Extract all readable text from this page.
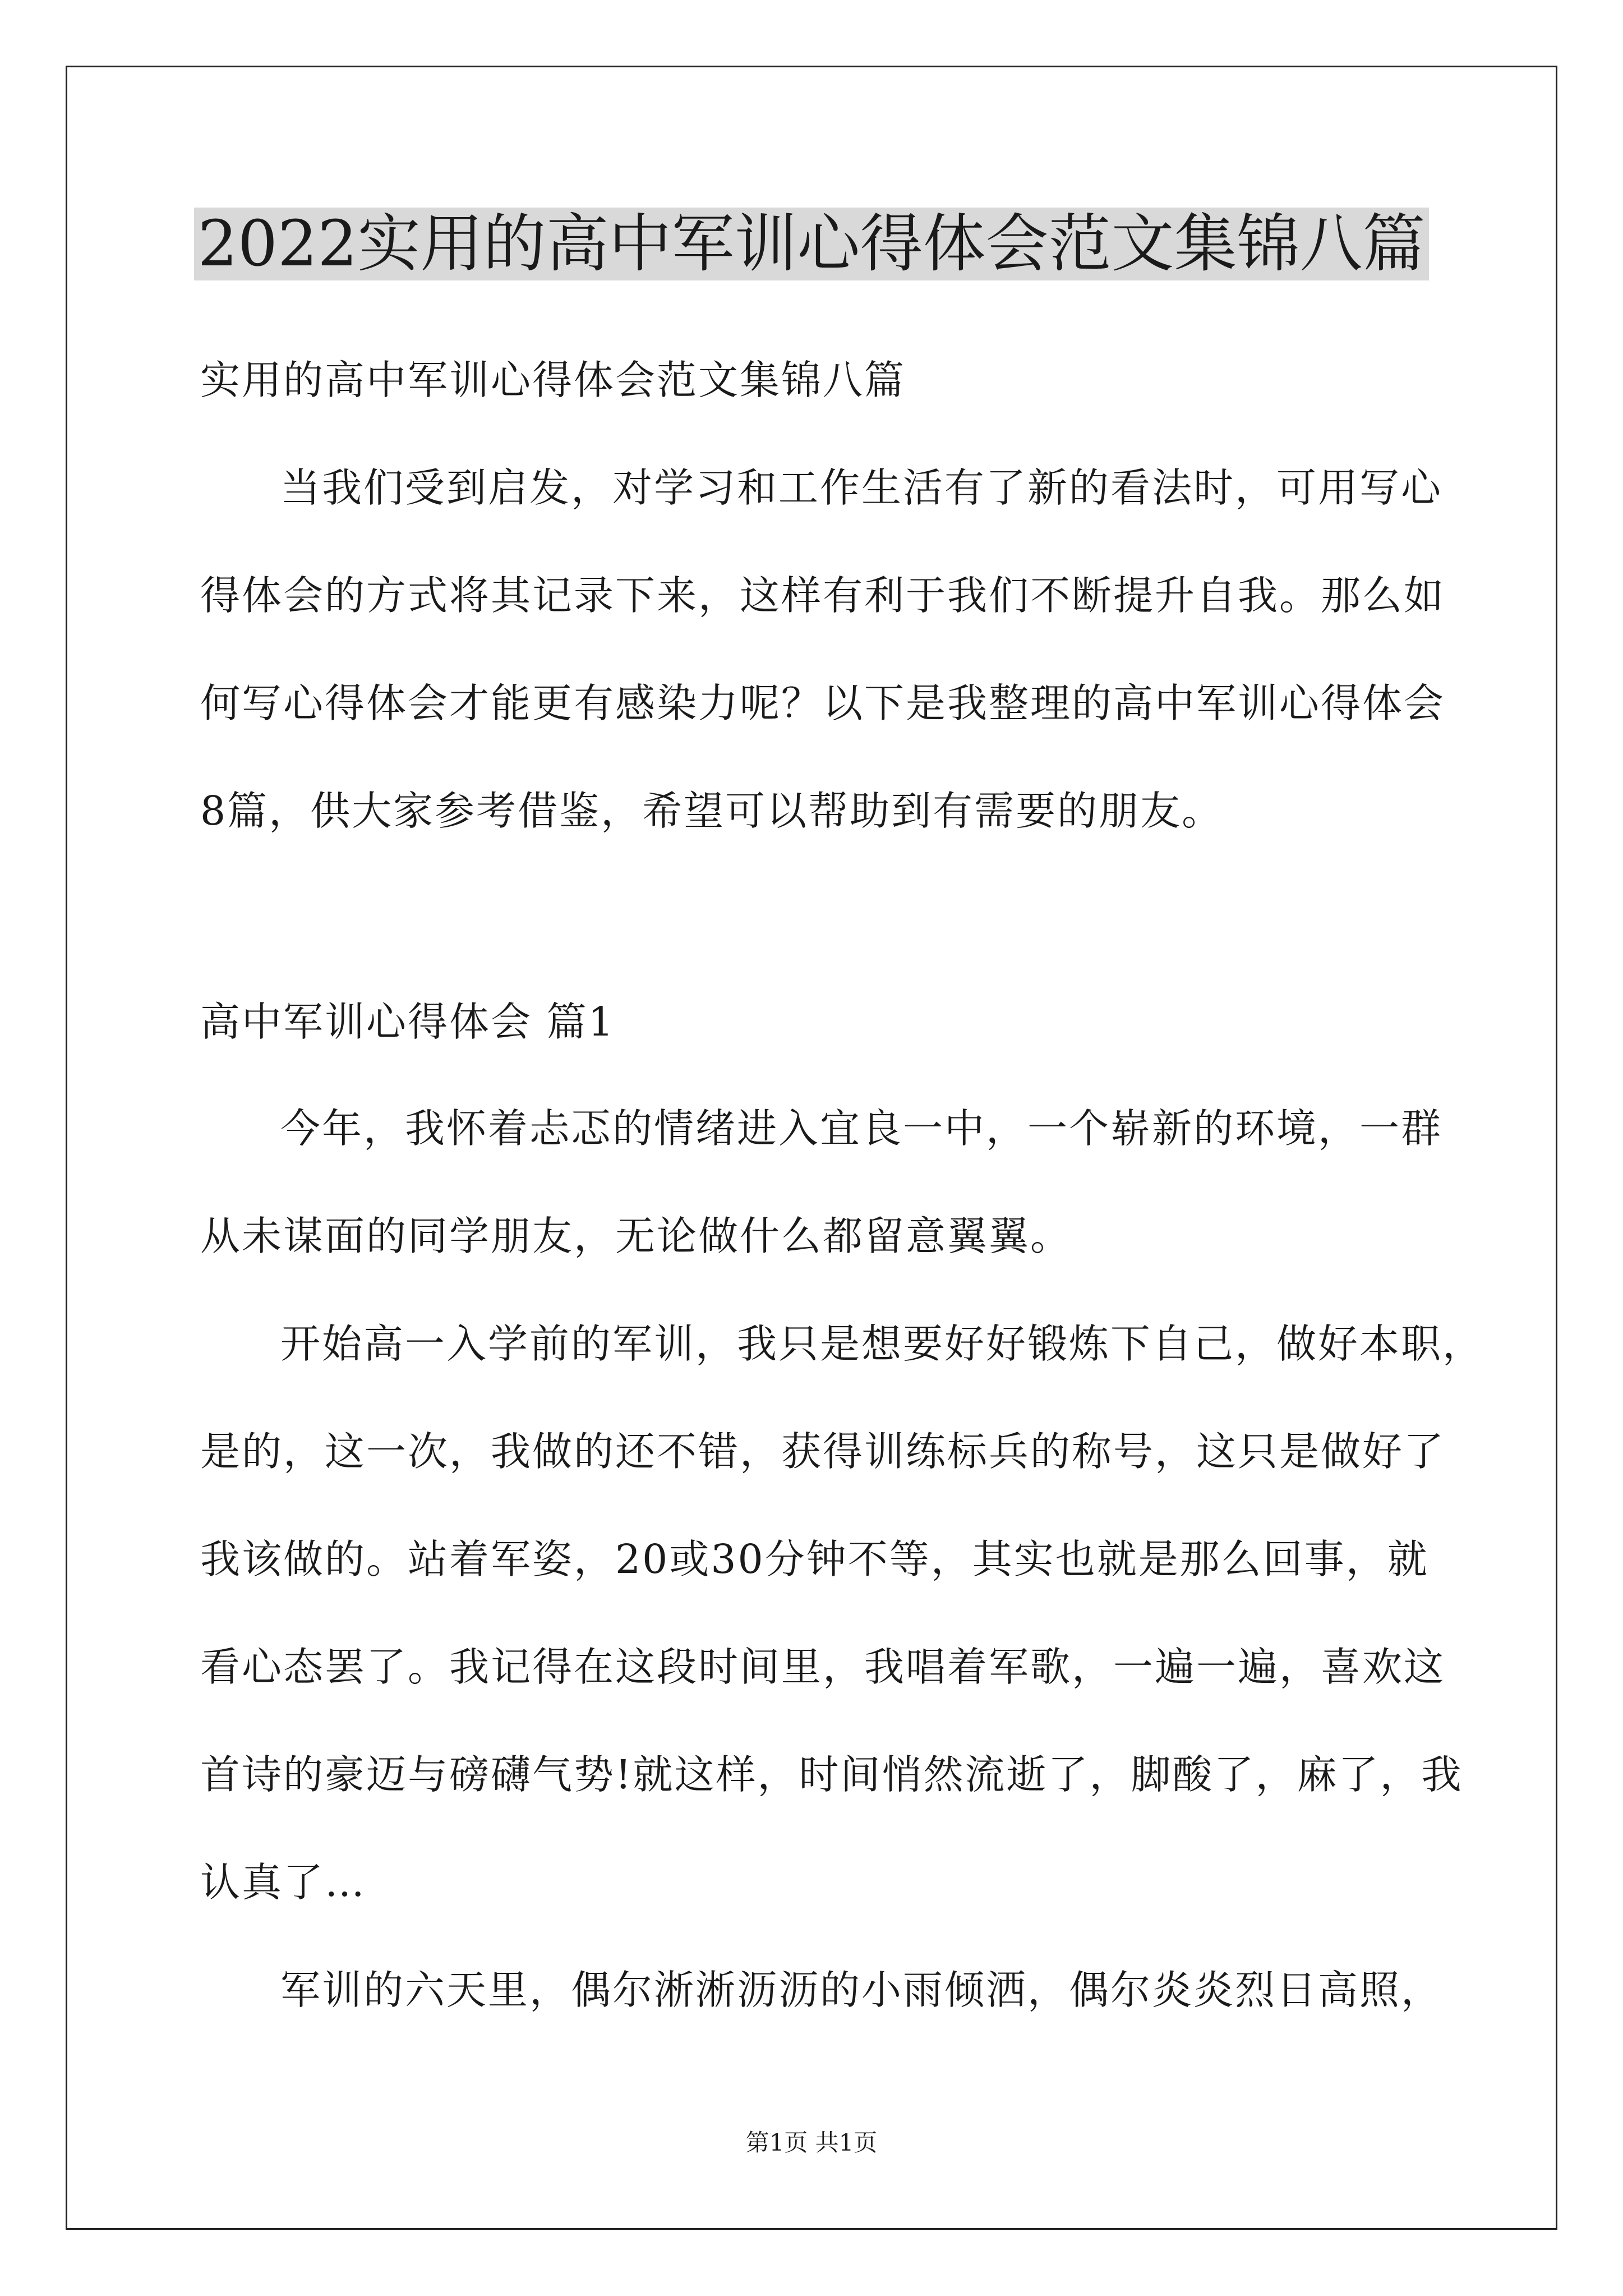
2022实用的高中军训心得体会范文集锦八篇
实用的高中军训心得体会范文集锦八篇
当我们受到启发，对学习和工作生活有了新的看法时，可用写心
得体会的方式将其记录下来，这样有利于我们不断提升自我。那么如
何写心得体会才能更有感染力呢？以下是我整理的高中军训心得体会
8篇，供大家参考借鉴，希望可以帮助到有需要的朋友。
高中军训心得体会 篇1
今年，我怀着忐忑的情绪进入宜良一中，一个崭新的环境，一群
从未谋面的同学朋友，无论做什么都留意翼翼。
开始高一入学前的军训，我只是想要好好锻炼下自己，做好本职，
是的，这一次，我做的还不错，获得训练标兵的称号，这只是做好了
我该做的。站着军姿，20或30分钟不等，其实也就是那么回事，就
看心态罢了。我记得在这段时间里，我唱着军歌，一遍一遍，喜欢这
首诗的豪迈与磅礴气势!就这样，时间悄然流逝了，脚酸了，麻了，我
认真了…
军训的六天里，偶尔淅淅沥沥的小雨倾洒，偶尔炎炎烈日高照，
第1页 共1页
